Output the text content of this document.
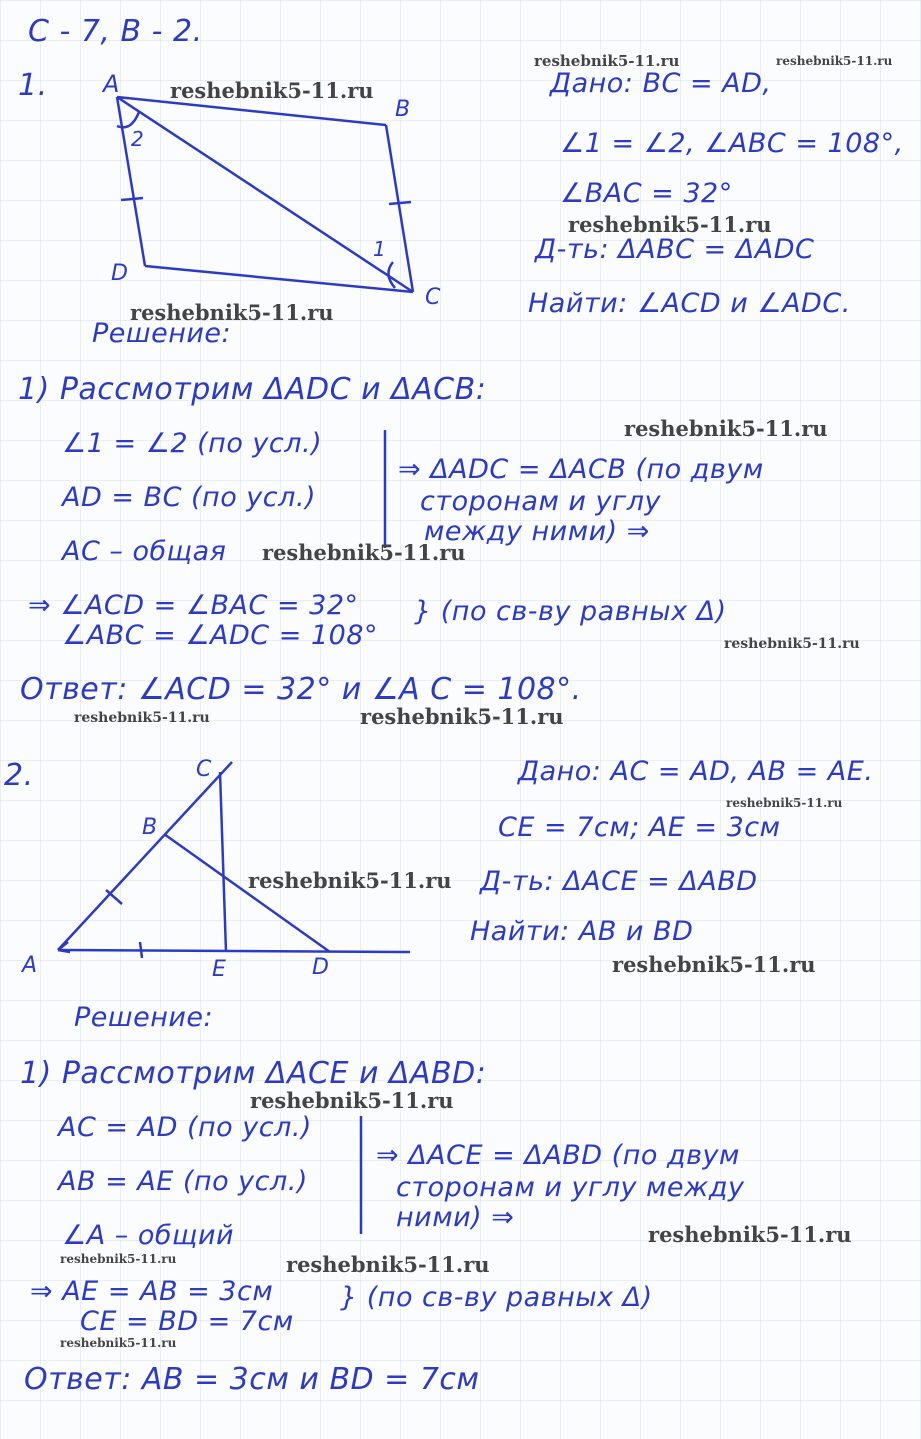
С - 7, В - 2.
1. А
В
С
D
2
1
Дано: ВС = АD,
∠1 = ∠2, ∠АВС = 108°,
∠ВАС = 32°
Д-ть: ΔАВС = ΔАDС
Найти: ∠АСD и ∠АDС.
Решение:
1) Рассмотрим ΔАDС и ΔАСВ:
∠1 = ∠2 (по усл.)
АD = ВС (по усл.)
АС – общая
⇒ ΔАDС = ΔАСВ (по двум
сторонам и углу
между ними) ⇒
⇒ ∠АСD = ∠ВАС = 32°
∠АВС = ∠АDС = 108°
} (по св-ву равных Δ)
Ответ: ∠АСD = 32° и ∠А С = 108°.
2.
А
В
С
D
Е
Дано: АС = АD, АВ = АЕ.
СЕ = 7см; АЕ = 3см
Д-ть: ΔАСЕ = ΔАВD
Найти: АВ и ВD
Решение:
1) Рассмотрим ΔАСЕ и ΔАВD:
АС = АD (по усл.)
АВ = АЕ (по усл.)
∠А – общий
⇒ ΔАСЕ = ΔАВD (по двум
сторонам и углу между
ними) ⇒
⇒ АЕ = АВ = 3см
СЕ = ВD = 7см
} (по св-ву равных Δ)
Ответ: АВ = 3см и ВD = 7см
reshebnik5-11.ru
reshebnik5-11.ru	reshebnik5-11.ru
reshebnik5-11.ru
reshebnik5-11.ru
reshebnik5-11.ru
reshebnik5-11.ru
reshebnik5-11.ru
reshebnik5-11.ru	reshebnik5-11.ru
reshebnik5-11.ru
reshebnik5-11.ru
reshebnik5-11.ru
reshebnik5-11.ru
reshebnik5-11.ru
reshebnik5-11.ru	reshebnik5-11.ru
reshebnik5-11.ru
